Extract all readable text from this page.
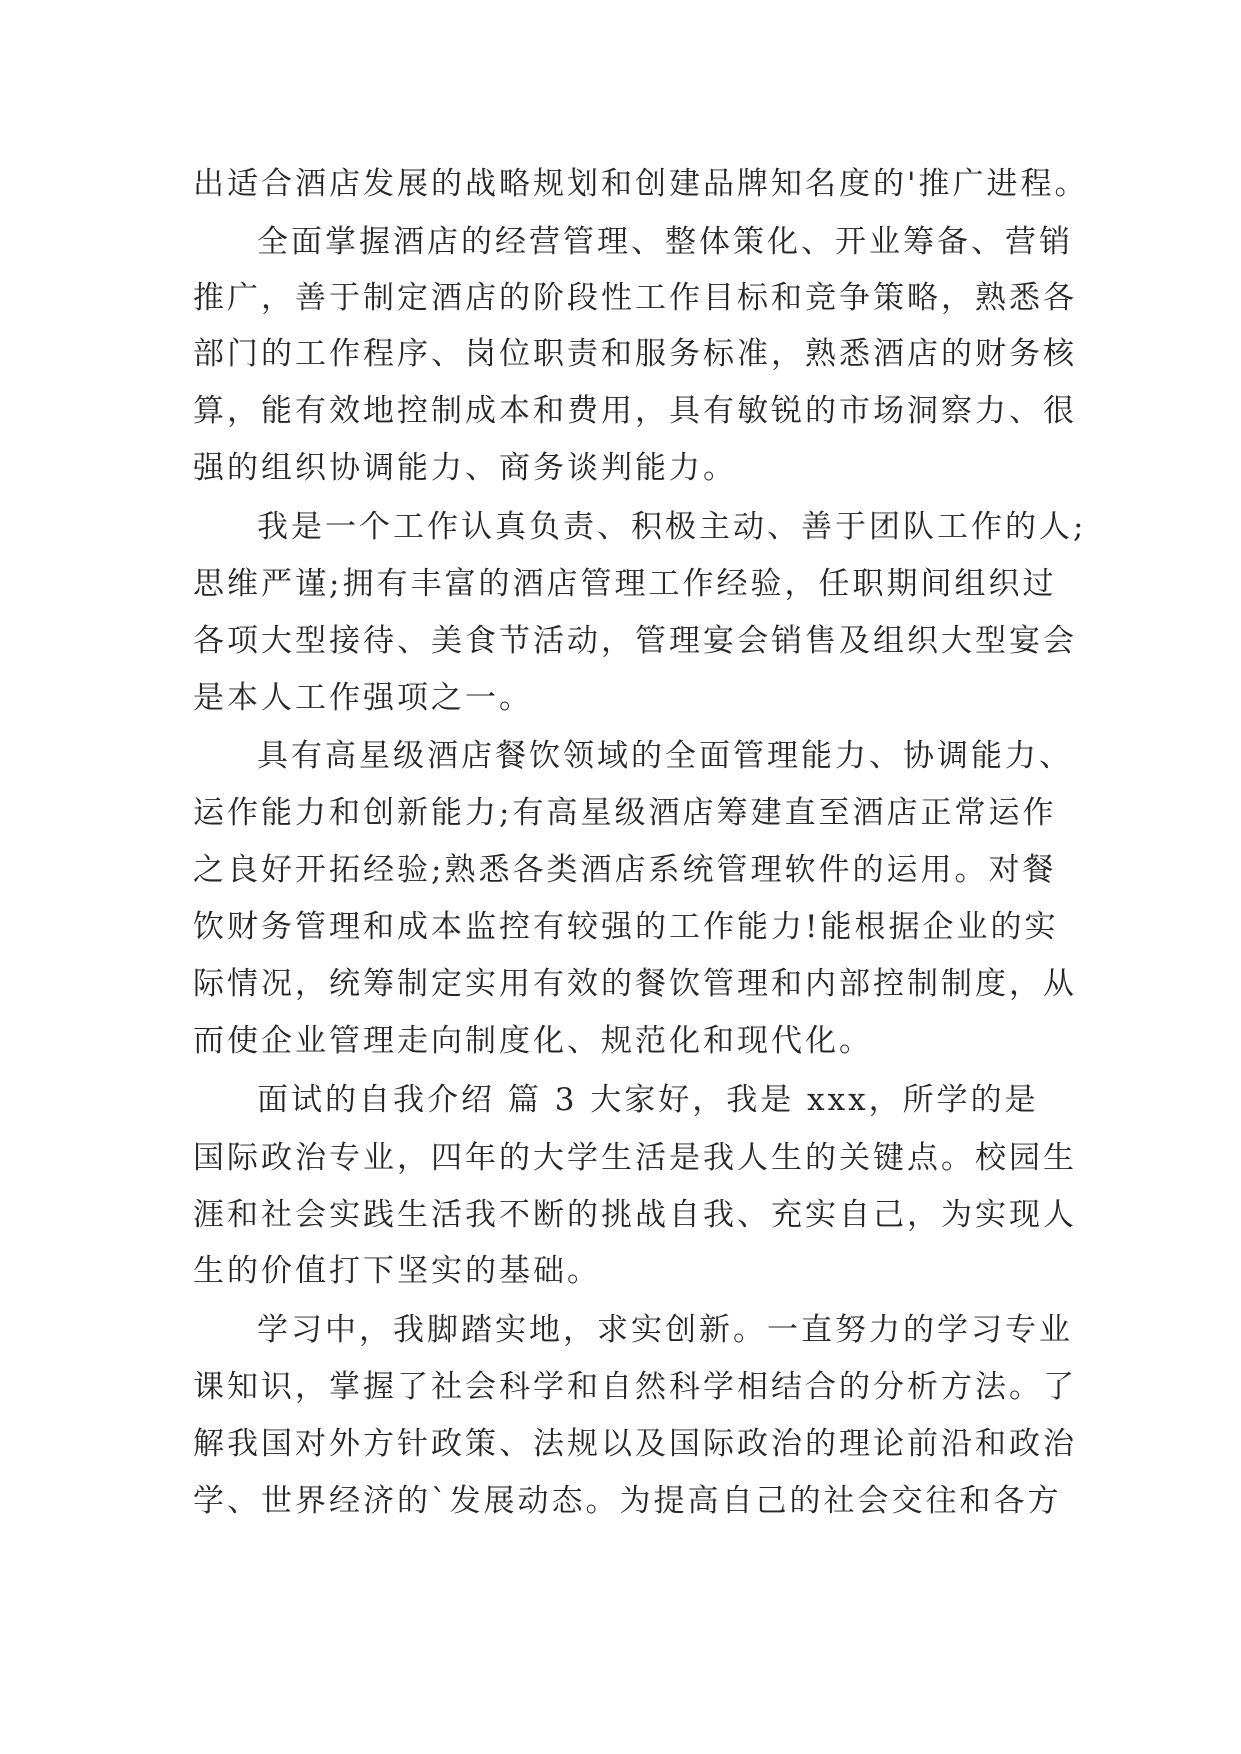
出适合酒店发展的战略规划和创建品牌知名度的'推广进程。
全面掌握酒店的经营管理、整体策化、开业筹备、营销
推广，善于制定酒店的阶段性工作目标和竞争策略，熟悉各
部门的工作程序、岗位职责和服务标准，熟悉酒店的财务核
算，能有效地控制成本和费用，具有敏锐的市场洞察力、很
强的组织协调能力、商务谈判能力。
我是一个工作认真负责、积极主动、善于团队工作的人;
思维严谨;拥有丰富的酒店管理工作经验，任职期间组织过
各项大型接待、美食节活动，管理宴会销售及组织大型宴会
是本人工作强项之一。
具有高星级酒店餐饮领域的全面管理能力、协调能力、
运作能力和创新能力;有高星级酒店筹建直至酒店正常运作
之良好开拓经验;熟悉各类酒店系统管理软件的运用。对餐
饮财务管理和成本监控有较强的工作能力!能根据企业的实
际情况，统筹制定实用有效的餐饮管理和内部控制制度，从
而使企业管理走向制度化、规范化和现代化。
面试的自我介绍 篇 3 大家好，我是 xxx，所学的是
国际政治专业，四年的大学生活是我人生的关键点。校园生
涯和社会实践生活我不断的挑战自我、充实自己，为实现人
生的价值打下坚实的基础。
学习中，我脚踏实地，求实创新。一直努力的学习专业
课知识，掌握了社会科学和自然科学相结合的分析方法。了
解我国对外方针政策、法规以及国际政治的理论前沿和政治
学、世界经济的`发展动态。为提高自己的社会交往和各方
